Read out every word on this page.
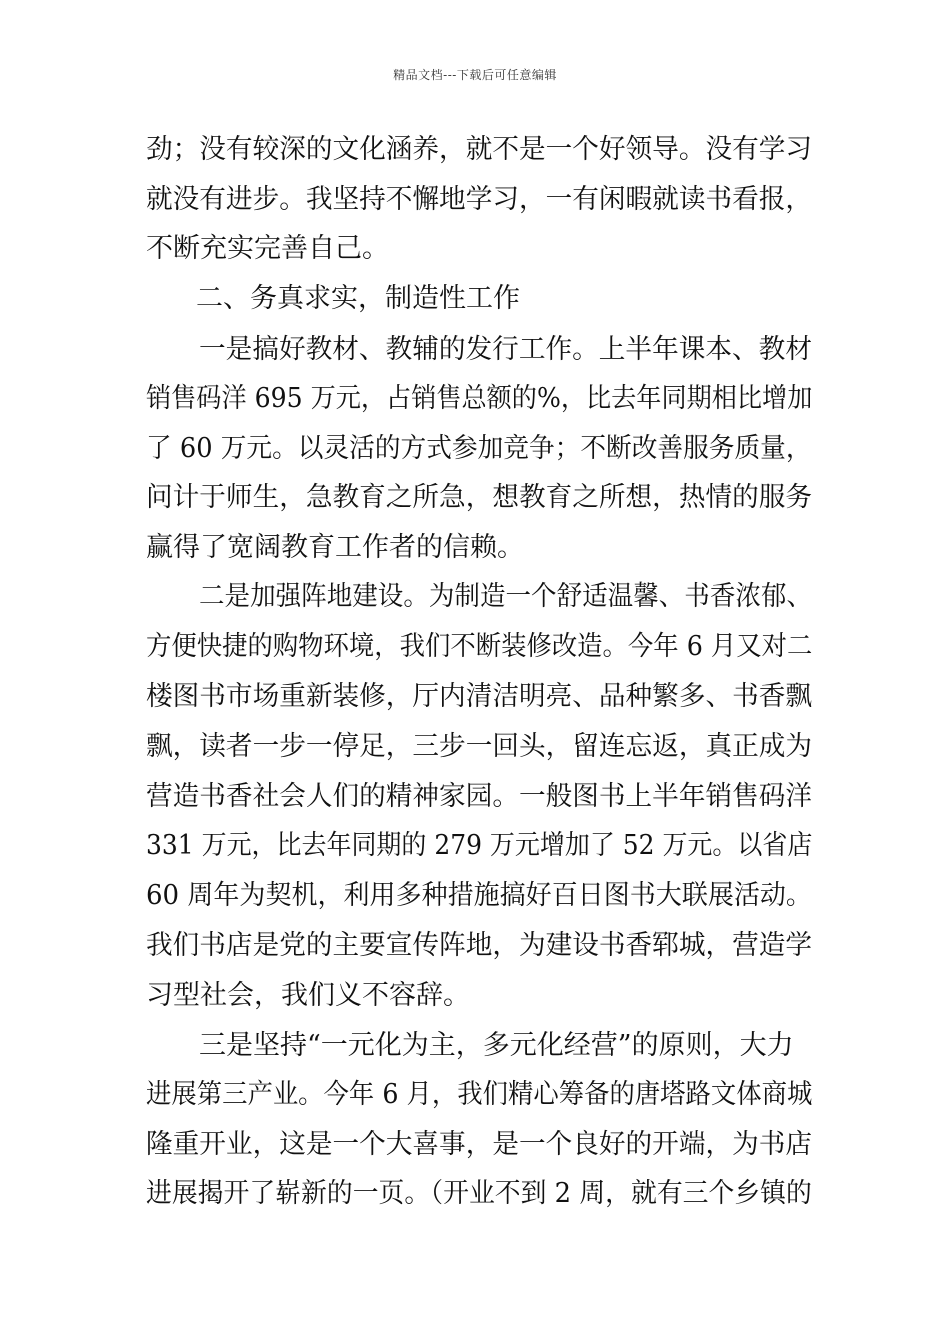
精品文档---下载后可任意编辑
劲；没有较深的文化涵养，就不是一个好领导。没有学习
就没有进步。我坚持不懈地学习，一有闲暇就读书看报，
不断充实完善自己。
二、务真求实，制造性工作
一是搞好教材、教辅的发行工作。上半年课本、教材
销售码洋 695 万元，占销售总额的%，比去年同期相比增加
了 60 万元。以灵活的方式参加竞争；不断改善服务质量，
问计于师生，急教育之所急，想教育之所想，热情的服务
赢得了宽阔教育工作者的信赖。
二是加强阵地建设。为制造一个舒适温馨、书香浓郁、
方便快捷的购物环境，我们不断装修改造。今年 6 月又对二
楼图书市场重新装修，厅内清洁明亮、品种繁多、书香飘
飘，读者一步一停足，三步一回头，留连忘返，真正成为
营造书香社会人们的精神家园。一般图书上半年销售码洋
331 万元，比去年同期的 279 万元增加了 52 万元。以省店
60 周年为契机，利用多种措施搞好百日图书大联展活动。
我们书店是党的主要宣传阵地，为建设书香郓城，营造学
习型社会，我们义不容辞。
三是坚持“一元化为主，多元化经营”的原则，大力
进展第三产业。今年 6 月，我们精心筹备的唐塔路文体商城
隆重开业，这是一个大喜事，是一个良好的开端，为书店
进展揭开了崭新的一页。（开业不到 2 周，就有三个乡镇的
